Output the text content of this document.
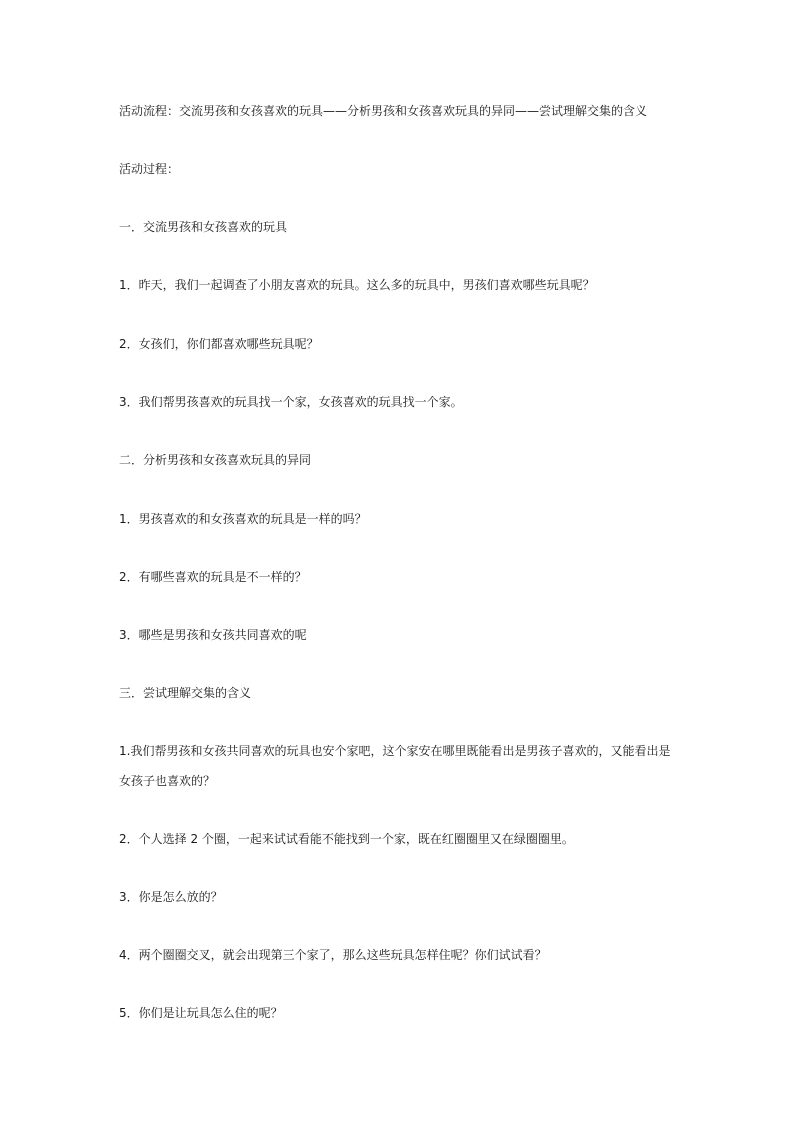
活动流程：交流男孩和女孩喜欢的玩具——分析男孩和女孩喜欢玩具的异同——尝试理解交集的含义
活动过程：
一．交流男孩和女孩喜欢的玩具
1．昨天，我们一起调查了小朋友喜欢的玩具。这么多的玩具中，男孩们喜欢哪些玩具呢？
2．女孩们，你们都喜欢哪些玩具呢？
3．我们帮男孩喜欢的玩具找一个家，女孩喜欢的玩具找一个家。
二．分析男孩和女孩喜欢玩具的异同
1．男孩喜欢的和女孩喜欢的玩具是一样的吗？
2．有哪些喜欢的玩具是不一样的？
3．哪些是男孩和女孩共同喜欢的呢
三．尝试理解交集的含义
1.我们帮男孩和女孩共同喜欢的玩具也安个家吧，这个家安在哪里既能看出是男孩子喜欢的，又能看出是
女孩子也喜欢的？
2．个人选择 2 个圈，一起来试试看能不能找到一个家，既在红圈圈里又在绿圈圈里。
3．你是怎么放的？
4．两个圈圈交叉，就会出现第三个家了，那么这些玩具怎样住呢？你们试试看？
5．你们是让玩具怎么住的呢？
